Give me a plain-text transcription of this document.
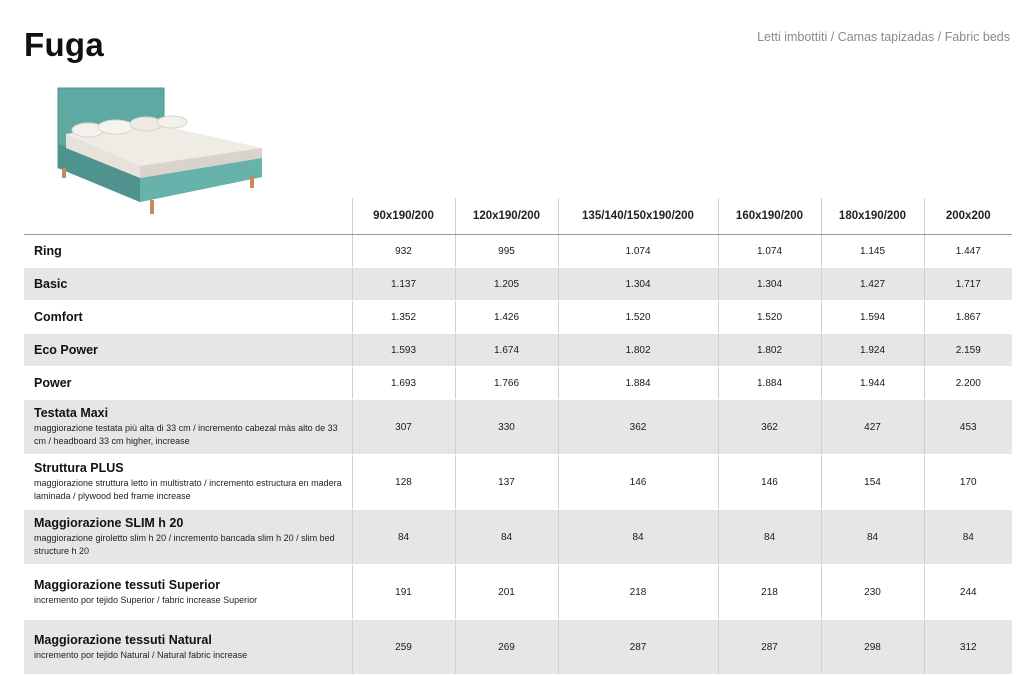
Fuga	Letti imbottiti / Camas tapizadas / Fabric beds
	90x190/200	120x190/200	135/140/150x190/200	160x190/200	180x190/200	200x200

Ring	932	995	1.074	1.074	1.145	1.447

Basic	1.137	1.205	1.304	1.304	1.427	1.717

Comfort	1.352	1.426	1.520	1.520	1.594	1.867

Eco Power	1.593	1.674	1.802	1.802	1.924	2.159

Power	1.693	1.766	1.884	1.884	1.944	2.200

Testata Maxi
maggiorazione testata più alta di 33 cm / incremento cabezal màs alto de 33 cm / headboard 33 cm higher, increase	307	330	362	362	427	453

Struttura PLUS
maggiorazione struttura letto in multistrato / incremento estructura en madera laminada / plywood bed frame increase	128	137	146	146	154	170

Maggiorazione SLIM h 20
maggiorazione giroletto slim h 20 / incremento bancada slim h 20 / slim bed structure h 20	84	84	84	84	84	84

Maggiorazione tessuti Superior
incremento por tejido Superior / fabric increase Superior	191	201	218	218	230	244

Maggiorazione tessuti Natural
incremento por tejido Natural / Natural fabric increase	259	269	287	287	298	312
